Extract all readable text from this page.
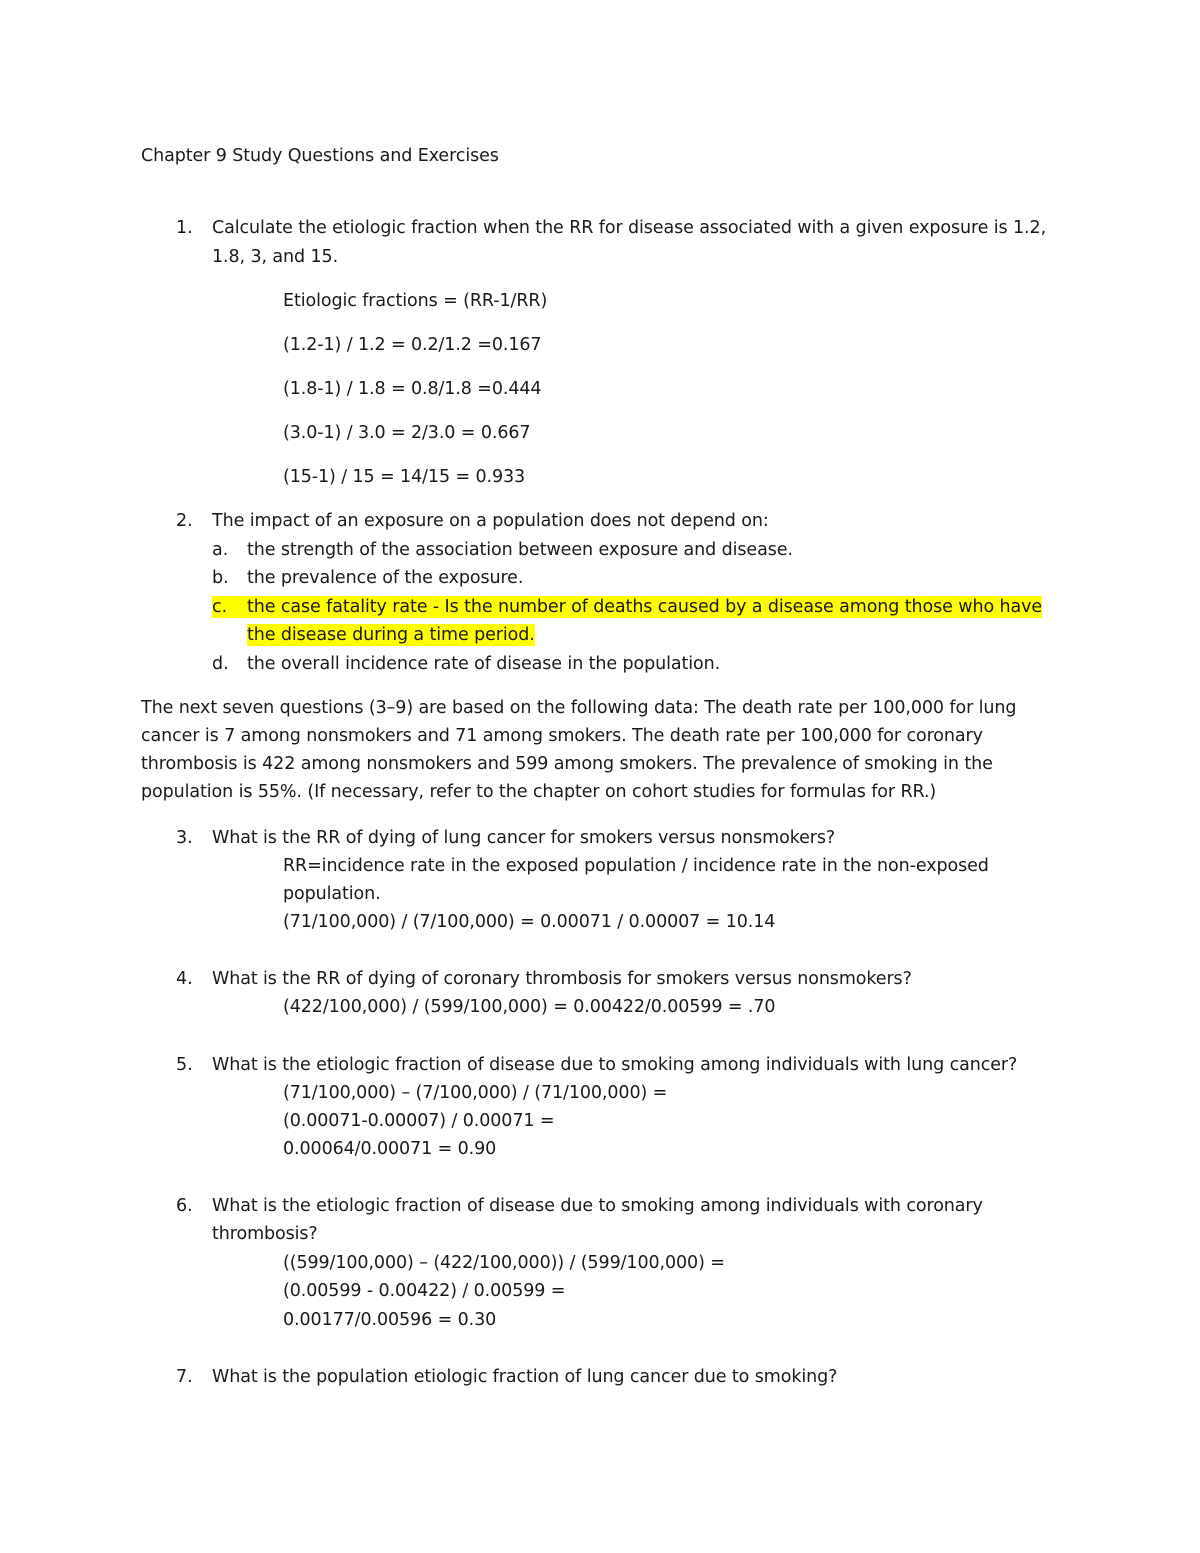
Chapter 9 Study Questions and Exercises
1. Calculate the etiologic fraction when the RR for disease associated with a given exposure is 1.2,
1.8, 3, and 15.
Etiologic fractions = (RR-1/RR)
(1.2-1) / 1.2 = 0.2/1.2 =0.167
(1.8-1) / 1.8 = 0.8/1.8 =0.444
(3.0-1) / 3.0 = 2/3.0 = 0.667
(15-1) / 15 = 14/15 = 0.933
2. The impact of an exposure on a population does not depend on:
a. the strength of the association between exposure and disease.
b. the prevalence of the exposure.
c.	the case fatality rate - Is the number of deaths caused by a disease among those who have
the disease during a time period.
d. the overall incidence rate of disease in the population.
The next seven questions (3–9) are based on the following data: The death rate per 100,000 for lung
cancer is 7 among nonsmokers and 71 among smokers. The death rate per 100,000 for coronary
thrombosis is 422 among nonsmokers and 599 among smokers. The prevalence of smoking in the
population is 55%. (If necessary, refer to the chapter on cohort studies for formulas for RR.)
3. What is the RR of dying of lung cancer for smokers versus nonsmokers?
RR=incidence rate in the exposed population / incidence rate in the non-exposed
population.
(71/100,000) / (7/100,000) = 0.00071 / 0.00007 = 10.14
4. What is the RR of dying of coronary thrombosis for smokers versus nonsmokers?
(422/100,000) / (599/100,000) = 0.00422/0.00599 = .70
5. What is the etiologic fraction of disease due to smoking among individuals with lung cancer?
(71/100,000) – (7/100,000) / (71/100,000) =
(0.00071-0.00007) / 0.00071 =
0.00064/0.00071 = 0.90
6. What is the etiologic fraction of disease due to smoking among individuals with coronary
thrombosis?
((599/100,000) – (422/100,000)) / (599/100,000) =
(0.00599 - 0.00422) / 0.00599 =
0.00177/0.00596 = 0.30
7. What is the population etiologic fraction of lung cancer due to smoking?
